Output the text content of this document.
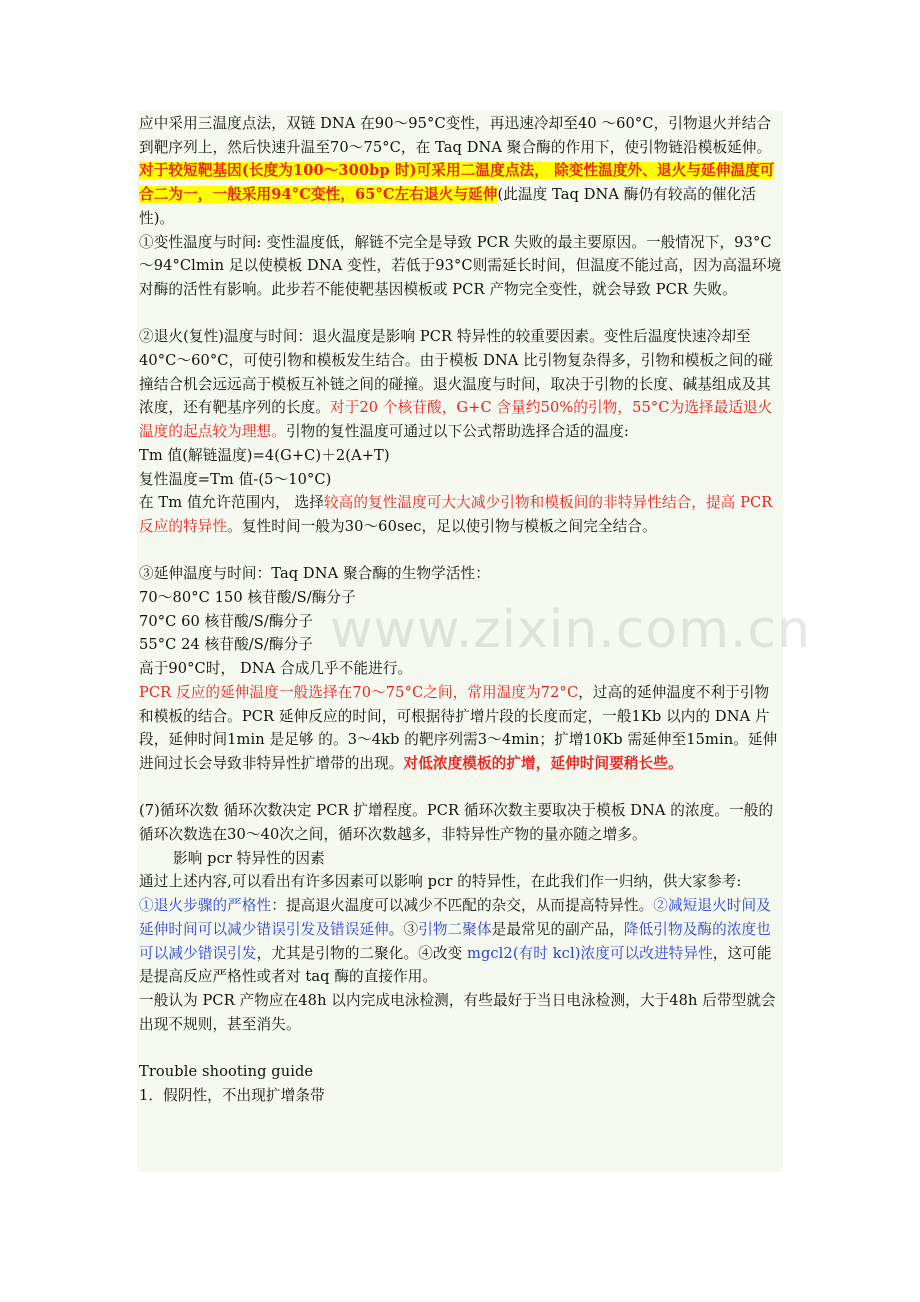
应中采用三温度点法，双链 DNA 在90～95°C变性，再迅速冷却至40 ～60°C，引物退火并结合到靶序列上，然后快速升温至70～75°C，在 Taq DNA 聚合酶的作用下，使引物链沿模板延伸。对于较短靶基因(长度为100～300bp 时)可采用二温度点法， 除变性温度外、退火与延伸温度可合二为一，一般采用94°C变性，65°C左右退火与延伸(此温度 Taq DNA 酶仍有较高的催化活性)。

①变性温度与时间: 变性温度低，解链不完全是导致 PCR 失败的最主要原因。一般情况下，93°C～94°Clmin 足以使模板 DNA 变性，若低于93°C则需延长时间，但温度不能过高，因为高温环境对酶的活性有影响。此步若不能使靶基因模板或 PCR 产物完全变性，就会导致 PCR 失败。

②退火(复性)温度与时间：退火温度是影响 PCR 特异性的较重要因素。变性后温度快速冷却至40°C～60°C，可使引物和模板发生结合。由于模板 DNA 比引物复杂得多，引物和模板之间的碰撞结合机会远远高于模板互补链之间的碰撞。退火温度与时间，取决于引物的长度、碱基组成及其浓度，还有靶基序列的长度。对于20 个核苷酸，G+C 含量约50%的引物，55°C为选择最适退火温度的起点较为理想。引物的复性温度可通过以下公式帮助选择合适的温度:

Tm 值(解链温度)=4(G+C)＋2(A+T)

复性温度=Tm 值-(5～10°C)

在 Tm 值允许范围内， 选择较高的复性温度可大大减少引物和模板间的非特异性结合，提高 PCR 反应的特异性。复性时间一般为30～60sec，足以使引物与模板之间完全结合。

③延伸温度与时间：Taq DNA 聚合酶的生物学活性：

70～80°C 150 核苷酸/S/酶分子

70°C 60 核苷酸/S/酶分子

55°C 24 核苷酸/S/酶分子

高于90°C时， DNA 合成几乎不能进行。

PCR 反应的延伸温度一般选择在70～75°C之间，常用温度为72°C，过高的延伸温度不利于引物和模板的结合。PCR 延伸反应的时间，可根据待扩增片段的长度而定，一般1Kb 以内的 DNA 片段，延伸时间1min 是足够 的。3～4kb 的靶序列需3～4min；扩增10Kb 需延伸至15min。延伸进间过长会导致非特异性扩增带的出现。对低浓度模板的扩增，延伸时间要稍长些。

(7)循环次数 循环次数决定 PCR 扩增程度。PCR 循环次数主要取决于模板 DNA 的浓度。一般的循环次数选在30～40次之间，循环次数越多，非特异性产物的量亦随之增多。

影响 pcr 特异性的因素

通过上述内容,可以看出有许多因素可以影响 pcr 的特异性，在此我们作一归纳，供大家参考:

①退火步骤的严格性：提高退火温度可以减少不匹配的杂交，从而提高特异性。②减短退火时间及延伸时间可以减少错误引发及错误延伸。③引物二聚体是最常见的副产品，降低引物及酶的浓度也可以减少错误引发，尤其是引物的二聚化。④改变 mgcl2(有时 kcl)浓度可以改进特异性，这可能是提高反应严格性或者对 taq 酶的直接作用。

一般认为 PCR 产物应在48h 以内完成电泳检测，有些最好于当日电泳检测，大于48h 后带型就会出现不规则，甚至消失。

Trouble shooting guide

1．假阴性，不出现扩增条带
